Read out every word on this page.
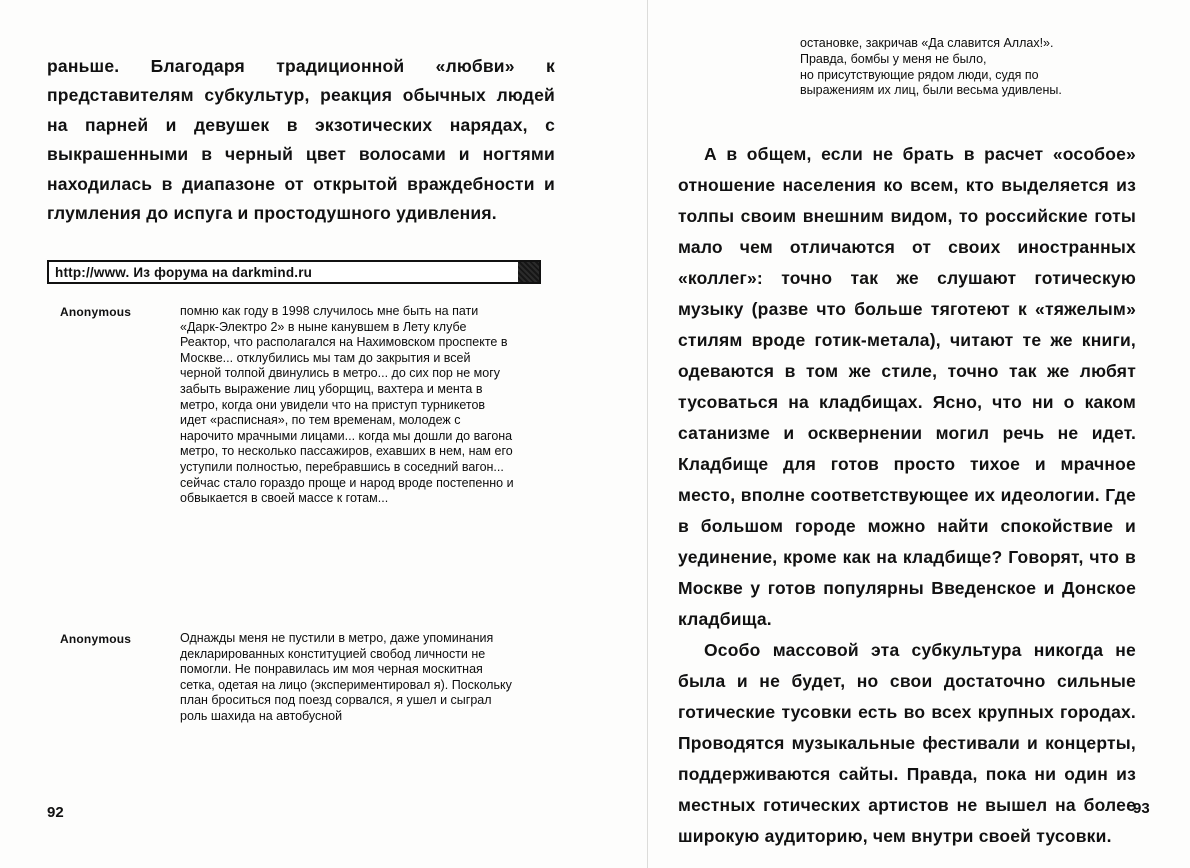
раньше. Благодаря традиционной «любви» к представителям субкультур, реакция обычных людей на парней и девушек в экзотических нарядах, с выкрашенными в черный цвет волосами и ногтями находилась в диапазоне от открытой враждебности и глумления до испуга и простодушного удивления.

http://www. Из форума на darkmind.ru
Anonymous	помню как году в 1998 случилось мне быть на пати «Дарк-Электро 2» в ныне канувшем в Лету клубе Реактор, что располагался на Нахимовском проспекте в Москве... отклубились мы там до закрытия и всей черной толпой двинулись в метро... до сих пор не могу забыть выражение лиц уборщиц, вахтера и мента в метро, когда они увидели что на приступ турникетов идет «расписная», по тем временам, молодеж с нарочито мрачными лицами... когда мы дошли до вагона метро, то несколько пассажиров, ехавших в нем, нам его уступили полностью, перебравшись в соседний вагон... сейчас стало гораздо проще и народ вроде постепенно и обвыкается в своей массе к готам...
Anonymous	Однажды меня не пустили в метро, даже упоминания декларированных конституцией свобод личности не помогли. Не понравилась им моя черная москитная сетка, одетая на лицо (экспериментировал я). Поскольку план броситься под поезд сорвался, я ушел и сыграл роль шахида на автобусной
92
остановке, закричав «Да славится Аллах!».
Правда, бомбы у меня не было,
но присутствующие рядом люди, судя по
выражениям их лиц, были весьма удивлены.

А в общем, если не брать в расчет «особое» отношение населения ко всем, кто выделяется из толпы своим внешним видом, то российские готы мало чем отличаются от своих иностранных «коллег»: точно так же слушают готическую музыку (разве что больше тяготеют к «тяжелым» стилям вроде готик-метала), читают те же книги, одеваются в том же стиле, точно так же любят тусоваться на кладбищах. Ясно, что ни о каком сатанизме и осквернении могил речь не идет. Кладбище для готов просто тихое и мрачное место, вполне соответствующее их идеологии. Где в большом городе можно найти спокойствие и уединение, кроме как на кладбище? Говорят, что в Москве у готов популярны Введенское и Донское кладбища.

Особо массовой эта субкультура никогда не была и не будет, но свои достаточно сильные готические тусовки есть во всех крупных городах. Проводятся музыкальные фестивали и концерты, поддерживаются сайты. Правда, пока ни один из местных готических артистов не вышел на более широкую аудиторию, чем внутри своей тусовки.

93
